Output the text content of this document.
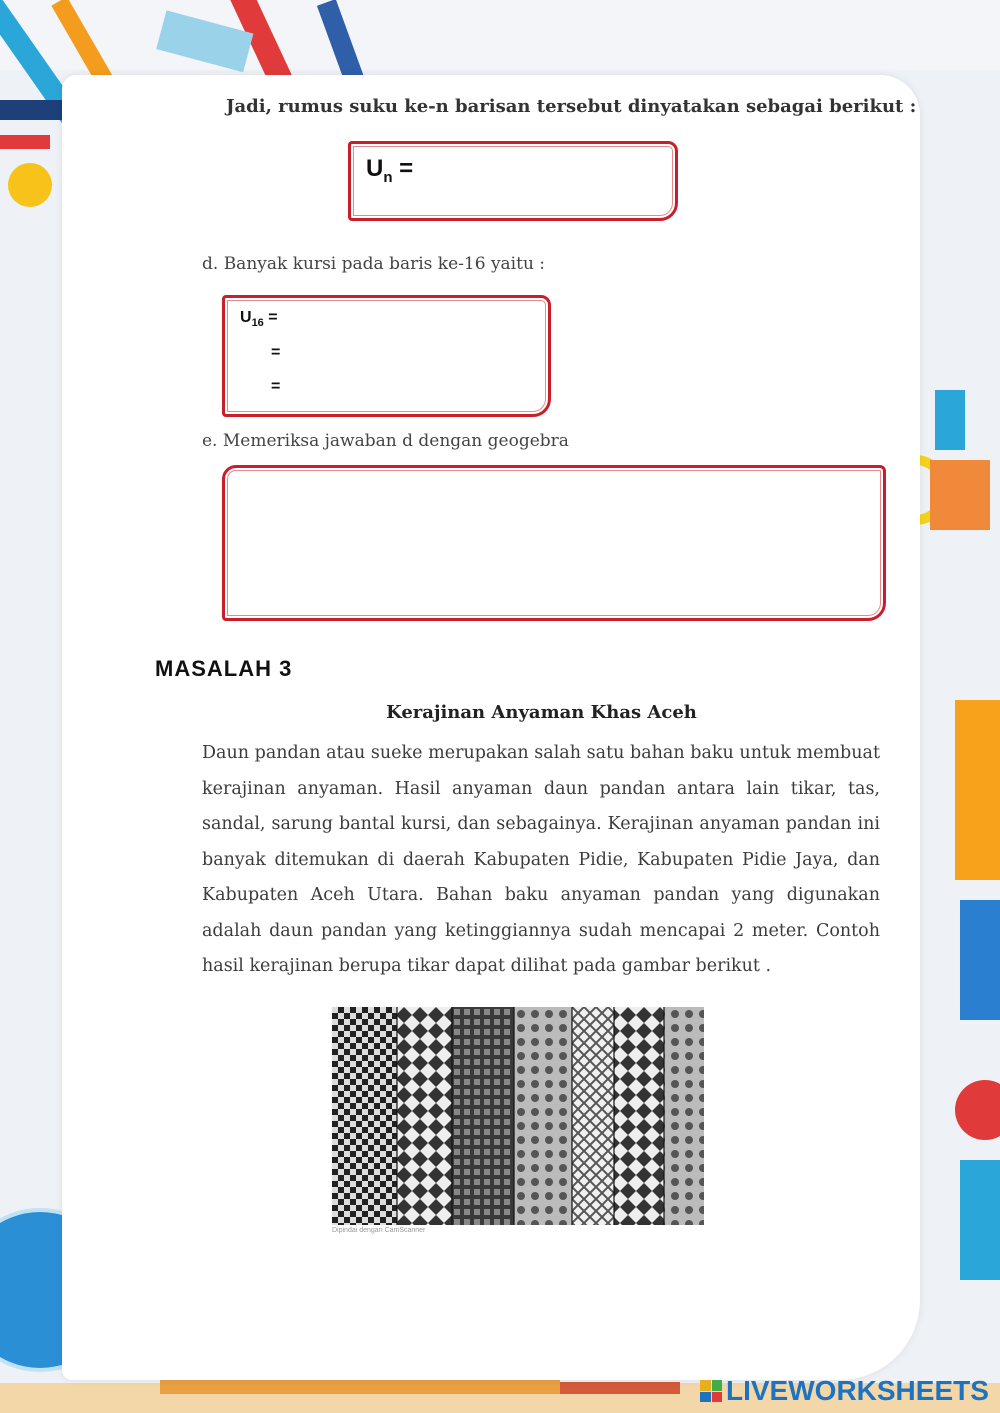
Jadi, rumus suku ke-n barisan tersebut dinyatakan sebagai berikut :
$U_n$ =
d. Banyak kursi pada baris ke-16 yaitu :
$U_{16}$ =
=
=
e. Memeriksa jawaban d dengan geogebra
MASALAH 3
Kerajinan Anyaman Khas Aceh
Daun pandan atau sueke merupakan salah satu bahan baku untuk membuat kerajinan anyaman. Hasil anyaman daun pandan antara lain tikar, tas, sandal, sarung bantal kursi, dan sebagainya. Kerajinan anyaman pandan ini banyak ditemukan di daerah Kabupaten Pidie, Kabupaten Pidie Jaya, dan Kabupaten Aceh Utara. Bahan baku anyaman pandan yang digunakan adalah daun pandan yang ketinggiannya sudah mencapai 2 meter. Contoh hasil kerajinan berupa tikar dapat dilihat pada gambar berikut .
Dipindai dengan CamScanner
LIVEWORKSHEETS
